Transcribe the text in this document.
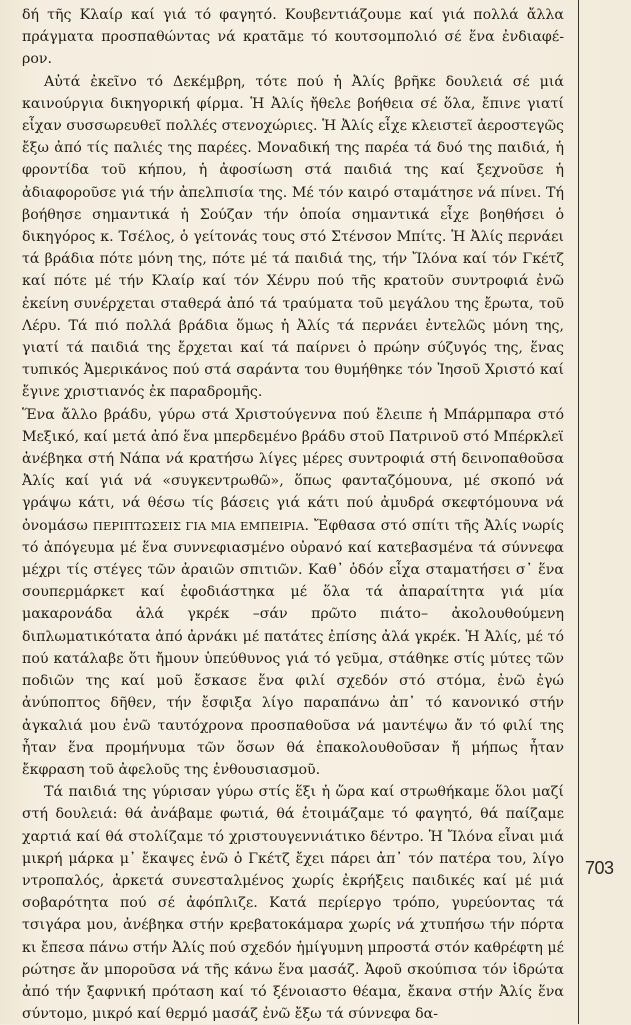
δή τῆς Κλαίρ καί γιά τό φαγητό. Κουβεντιάζουμε καί γιά πολλά ἄλλα πράγματα προσπαθώντας νά κρατᾶμε τό κουτσομπολιό σέ ἕνα ἐνδιαφέ-ρον.

Αὐτά ἐκεῖνο τό Δεκέμβρη, τότε πού ἡ Ἀλίς βρῆκε δουλειά σέ μιά καινούργια δικηγορική φίρμα. Ἡ Ἀλίς ἤθελε βοήθεια σέ ὅλα, ἔπινε γιατί εἶχαν συσσωρευθεῖ πολλές στενοχώριες. Ἡ Ἀλίς εἶχε κλειστεῖ ἀεροστεγῶς ἔξω ἀπό τίς παλιές της παρέες. Μοναδική της παρέα τά δυό της παιδιά, ἡ φροντίδα τοῦ κήπου, ἡ ἀφοσίωση στά παιδιά της καί ξεχνοῦσε ἡ ἀδιαφοροῦσε γιά τήν ἀπελπισία της. Μέ τόν καιρό σταμάτησε νά πίνει. Τή βοήθησε σημαντικά ἡ Σούζαν τήν ὁποία σημαντικά εἶχε βοηθήσει ὁ δικηγόρος κ. Τσέλος, ὁ γείτονάς τους στό Στένσον Μπίτς. Ἡ Ἀλίς περνάει τά βράδια πότε μόνη της, πότε μέ τά παιδιά της, τήν Ἴλόνα καί τόν Γκέτζ καί πότε μέ τήν Κλαίρ καί τόν Χένρυ πού τῆς κρατοῦν συντροφιά ἐνῶ ἐκείνη συνέρχεται σταθερά ἀπό τά τραύματα τοῦ μεγάλου της ἔρωτα, τοῦ Λέρυ. Τά πιό πολλά βράδια ὅμως ἡ Ἀλίς τά περνάει ἐντελῶς μόνη της, γιατί τά παιδιά της ἔρχεται καί τά παίρνει ὁ πρώην σύζυγός της, ἕνας τυπικός Ἀμερικάνος πού στά σαράντα του θυμήθηκε τόν Ἰησοῦ Χριστό καί ἔγινε χριστιανός ἐκ παραδρομῆς.

Ἕνα ἄλλο βράδυ, γύρω στά Χριστούγεννα πού ἔλειπε ἡ Μπάρμπαρα στό Μεξικό, καί μετά ἀπό ἕνα μπερδεμένο βράδυ στοῦ Πατρινοῦ στό Μπέρκλεϊ ἀνέβηκα στή Νάπα νά κρατήσω λίγες μέρες συντροφιά στή δεινοπαθοῦσα Ἀλίς καί γιά νά «συγκεντρωθῶ», ὅπως φανταζόμουνα, μέ σκοπό νά γράψω κάτι, νά θέσω τίς βάσεις γιά κάτι πού ἀμυδρά σκεφτόμουνα νά ὀνομάσω ΠΕΡΙΠΤΩΣΕΙΣ ΓΙΑ ΜΙΑ ΕΜΠΕΙΡΙΑ. Ἔφθασα στό σπίτι τῆς Ἀλίς νωρίς τό ἀπόγευμα μέ ἕνα συννεφιασμένο οὐρανό καί κατεβασμένα τά σύννεφα μέχρι τίς στέγες τῶν ἀραιῶν σπιτιῶν. Καθ᾿ ὁδόν εἶχα σταματήσει σ᾿ ἕνα σουπερμάρκετ καί ἐφοδιάστηκα μέ ὅλα τά ἀπαραίτητα γιά μία μακαρονάδα ἀλά γκρέκ –σάν πρῶτο πιάτο– ἀκολουθούμενη διπλωματικότατα ἀπό ἀρνάκι μέ πατάτες ἐπίσης ἀλά γκρέκ. Ἡ Ἀλίς, μέ τό πού κατάλαβε ὅτι ἤμουν ὑπεύθυνος γιά τό γεῦμα, στάθηκε στίς μύτες τῶν ποδιῶν της καί μοῦ ἔσκασε ἕνα φιλί σχεδόν στό στόμα, ἐνῶ ἐγώ ἀνύποπτος δῆθεν, τήν ἔσφιξα λίγο παραπάνω ἀπ᾿ τό κανονικό στήν ἀγκαλιά μου ἐνῶ ταυτόχρονα προσπαθοῦσα νά μαντέψω ἄν τό φιλί της ἦταν ἕνα προμήνυμα τῶν ὅσων θά ἐπακολουθοῦσαν ἤ μήπως ἦταν ἔκφραση τοῦ ἀφελοῦς της ἐνθουσιασμοῦ.

Τά παιδιά της γύρισαν γύρω στίς ἕξι ἡ ὥρα καί στρωθήκαμε ὅλοι μαζί στή δουλειά: θά ἀνάβαμε φωτιά, θά ἑτοιμάζαμε τό φαγητό, θά παίζαμε χαρτιά καί θά στολίζαμε τό χριστουγεννιάτικο δέντρο. Ἡ Ἴλόνα εἶναι μιά μικρή μάρκα μ᾿ ἔκαψες ἐνῶ ὁ Γκέτζ ἔχει πάρει ἀπ᾿ τόν πατέρα του, λίγο ντροπαλός, ἀρκετά συνεσταλμένος χωρίς ἐκρήξεις παιδικές καί μέ μιά σοβαρότητα πού σέ ἀφόπλιζε. Κατά περίεργο τρόπο, γυρεύοντας τά τσιγάρα μου, ἀνέβηκα στήν κρεβατοκάμαρα χωρίς νά χτυπήσω τήν πόρτα κι ἔπεσα πάνω στήν Ἀλίς πού σχεδόν ἡμίγυμνη μπροστά στόν καθρέφτη μέ ρώτησε ἄν μποροῦσα νά τῆς κάνω ἕνα μασάζ. Ἀφοῦ σκούπισα τόν ἱδρώτα ἀπό τήν ξαφνική πρόταση καί τό ξένοιαστο θέαμα, ἔκανα στήν Ἀλίς ἕνα σύντομο, μικρό καί θερμό μασάζ ἐνῶ ἔξω τά σύννεφα δα-

703
